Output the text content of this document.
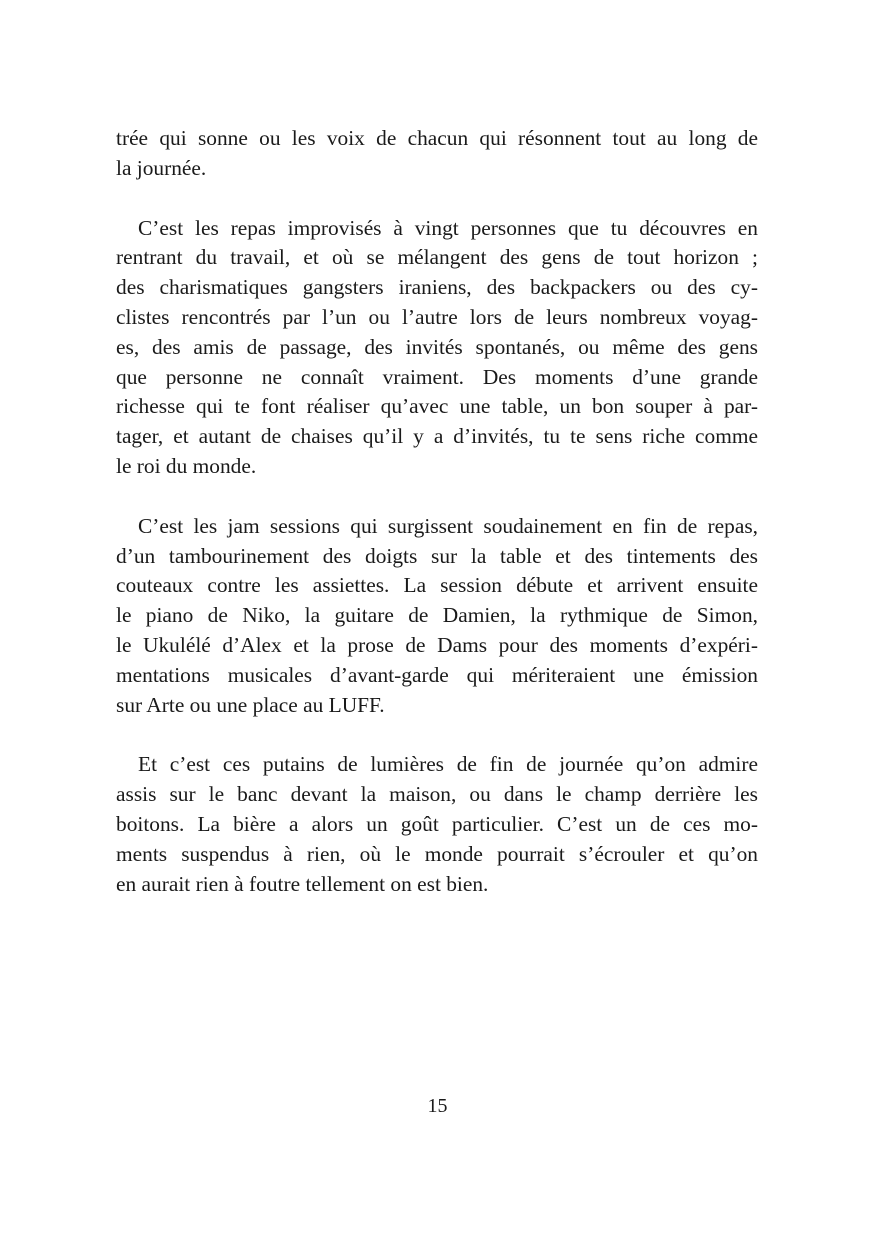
trée qui sonne ou les voix de chacun qui résonnent tout au long de
la journée.

C’est les repas improvisés à vingt personnes que tu découvres en
rentrant du travail, et où se mélangent des gens de tout horizon ;
des charismatiques gangsters iraniens, des backpackers ou des cy-
clistes rencontrés par l’un ou l’autre lors de leurs nombreux voyag-
es, des amis de passage, des invités spontanés, ou même des gens
que personne ne connaît vraiment. Des moments d’une grande
richesse qui te font réaliser qu’avec une table, un bon souper à par-
tager, et autant de chaises qu’il y a d’invités, tu te sens riche comme
le roi du monde.

C’est les jam sessions qui surgissent soudainement en fin de repas,
d’un tambourinement des doigts sur la table et des tintements des
couteaux contre les assiettes. La session débute et arrivent ensuite
le piano de Niko, la guitare de Damien, la rythmique de Simon,
le Ukulélé d’Alex et la prose de Dams pour des moments d’expéri-
mentations musicales d’avant-garde qui mériteraient une émission
sur Arte ou une place au LUFF.

Et c’est ces putains de lumières de fin de journée qu’on admire
assis sur le banc devant la maison, ou dans le champ derrière les
boitons. La bière a alors un goût particulier. C’est un de ces mo-
ments suspendus à rien, où le monde pourrait s’écrouler et qu’on
en aurait rien à foutre tellement on est bien.

15
